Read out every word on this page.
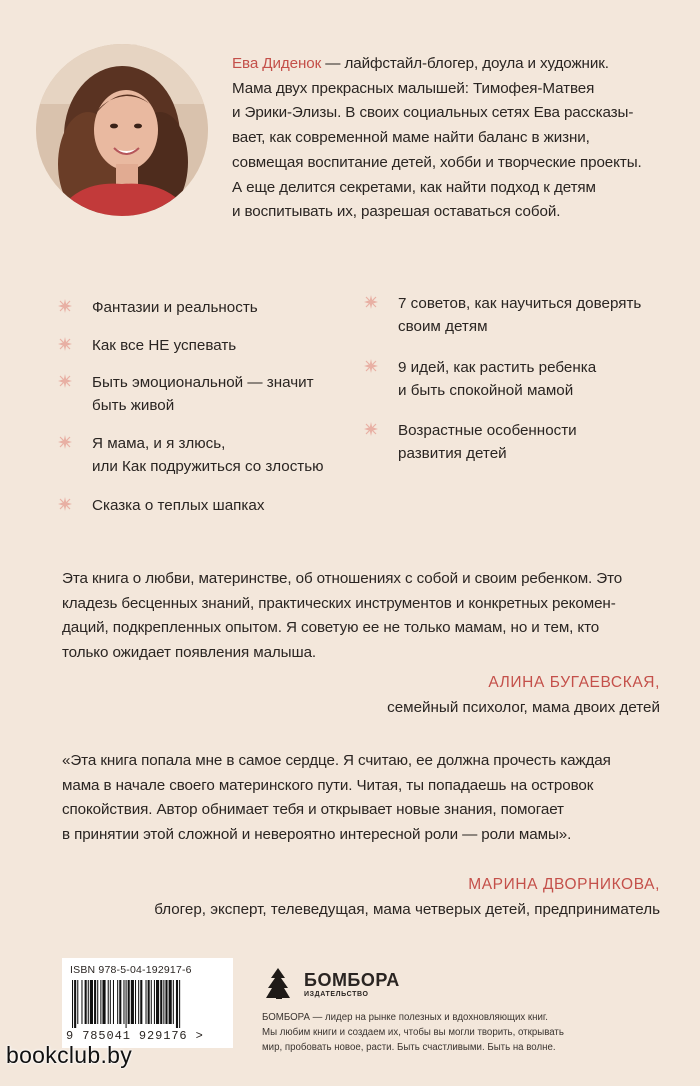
Ева Диденок — лайфстайл-блогер, доула и художник.
Мама двух прекрасных малышей: Тимофея-Матвея
и Эрики-Элизы. В своих социальных сетях Ева рассказы-
вает, как современной маме найти баланс в жизни,
совмещая воспитание детей, хобби и творческие проекты.
А еще делится секретами, как найти подход к детям
и воспитывать их, разрешая оставаться собой.
Фантазии и реальность
Как все НЕ успевать
Быть эмоциональной — значит
быть живой
Я мама, и я злюсь,
или Как подружиться со злостью
Сказка о теплых шапках
7 советов, как научиться доверять
своим детям
9 идей, как растить ребенка
и быть спокойной мамой
Возрастные особенности
развития детей
Эта книга о любви, материнстве, об отношениях с собой и своим ребенком. Это
кладезь бесценных знаний, практических инструментов и конкретных рекомен-
даций, подкрепленных опытом. Я советую ее не только мамам, но и тем, кто
только ожидает появления малыша.
АЛИНА БУГАЕВСКАЯ,
семейный психолог, мама двоих детей
«Эта книга попала мне в самое сердце. Я считаю, ее должна прочесть каждая
мама в начале своего материнского пути. Читая, ты попадаешь на островок
спокойствия. Автор обнимает тебя и открывает новые знания, помогает
в принятии этой сложной и невероятно интересной роли — роли мамы».
МАРИНА ДВОРНИКОВА,
блогер, эксперт, телеведущая, мама четверых детей, предприниматель
ISBN 978-5-04-192917-6
9 785041 929176 >
БОМБОРА
ИЗДАТЕЛЬСТВО
БОМБОРА — лидер на рынке полезных и вдохновляющих книг.
Мы любим книги и создаем их, чтобы вы могли творить, открывать
мир, пробовать новое, расти. Быть счастливыми. Быть на волне.
bookclub.by
